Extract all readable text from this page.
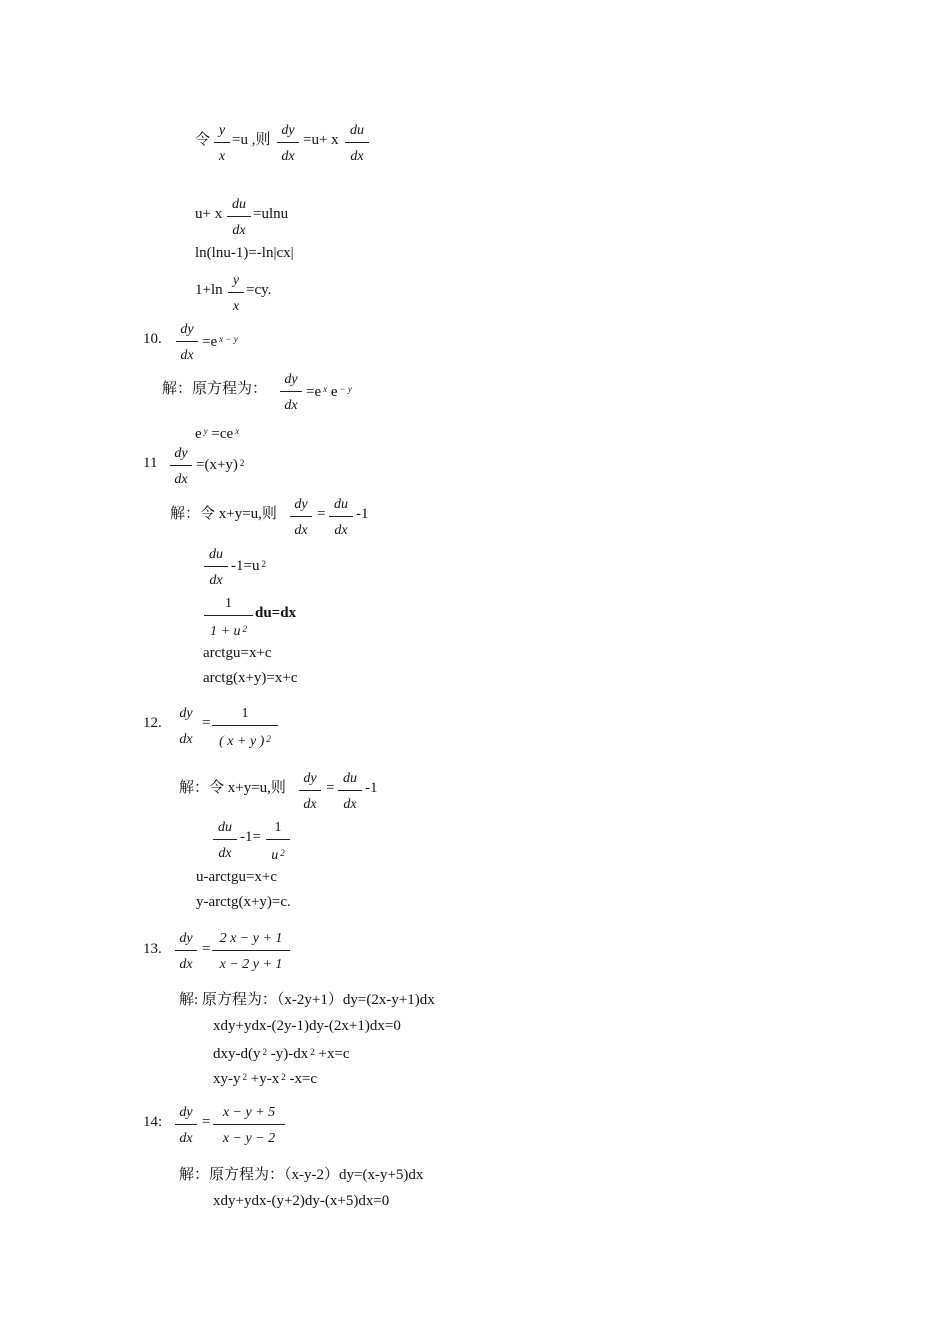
令
y
x
=u ,则
dy
dx
=u+ x
du
dx
u+ x
du
dx
=ulnu
ln(lnu-1)=-ln|cx|
1+ln
y
x
=cy.
10.
dy
dx
=e $^{x - y}$
解：原方程为：
dy
dx
=e $^x$ e $^{- y}$
e $^y$ =ce $^x$
11
dy
dx
=(x+y) $^2$
解：令 x+y=u,则
dy
dx
=
du
dx
-1
du
dx
-1=u $^2$
1
1 + u $^2$
du=dx
arctgu=x+c
arctg(x+y)=x+c
12.
dy
dx
=
1
( x + y ) $^2$
解：令 x+y=u,则
dy
dx
=
du
dx
-1
du
dx
-1=
1
u $^2$
u-arctgu=x+c
y-arctg(x+y)=c.
13.
dy
dx
=
2 x − y + 1
x − 2 y + 1
解: 原方程为：（x-2y+1）dy=(2x-y+1)dx
xdy+ydx-(2y-1)dy-(2x+1)dx=0
dxy-d(y $^2$ -y)-dx $^2$ +x=c
xy-y $^2$ +y-x $^2$ -x=c
14:
dy
dx
=
x − y + 5
x − y − 2
解：原方程为：（x-y-2）dy=(x-y+5)dx
xdy+ydx-(y+2)dy-(x+5)dx=0
